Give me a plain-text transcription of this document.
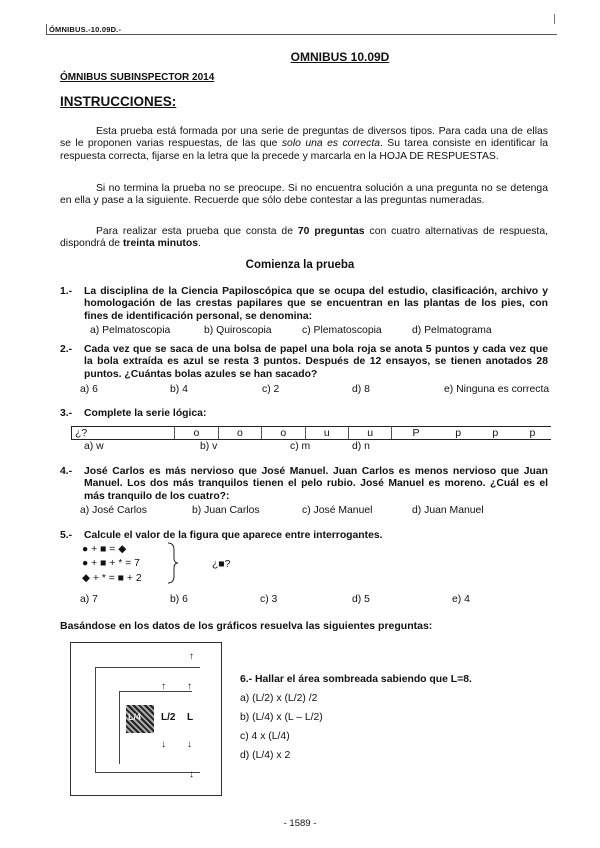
ÓMNIBUS.-10.09D.-
OMNIBUS 10.09D
ÓMNIBUS SUBINSPECTOR 2014
INSTRUCCIONES:
Esta prueba está formada por una serie de preguntas de diversos tipos. Para cada una de ellas se le proponen varias respuestas, de las que solo una es correcta. Su tarea consiste en identificar la respuesta correcta, fijarse en la letra que la precede y marcarla en la HOJA DE RESPUESTAS.
Si no termina la prueba no se preocupe. Si no encuentra solución a una pregunta no se detenga en ella y pase a la siguiente. Recuerde que sólo debe contestar a las preguntas numeradas.
Para realizar esta prueba que consta de 70 preguntas con cuatro alternativas de respuesta, dispondrá de treinta minutos.
Comienza la prueba
1.- La disciplina de la Ciencia Papiloscópica que se ocupa del estudio, clasificación, archivo y homologación de las crestas papilares que se encuentran en las plantas de los pies, con fines de identificación personal, se denomina:
a) Pelmatoscopia	b) Quiroscopia	c) Plematoscopia	d) Pelmatograma
2.- Cada vez que se saca de una bolsa de papel una bola roja se anota 5 puntos y cada vez que la bola extraída es azul se resta 3 puntos. Después de 12 ensayos, se tienen anotados 28 puntos. ¿Cuántas bolas azules se han sacado?
a) 6	b) 4	c) 2	d) 8	e) Ninguna es correcta
3.- Complete la serie lógica:
¿?	o	o	o	u	u	P	p	p	p
a) w	b) v	c) m	d) n
4.- José Carlos es más nervioso que José Manuel. Juan Carlos es menos nervioso que Juan Manuel. Los dos más tranquilos tienen el pelo rubio. José Manuel es moreno. ¿Cuál es el más tranquilo de los cuatro?:
a) José Carlos	b) Juan Carlos	c) José Manuel	d) Juan Manuel
5.- Calcule el valor de la figura que aparece entre interrogantes.
● + ■ = ◆
● + ■ + * = 7
◆ + * = ■ + 2
¿■?
a) 7	b) 6	c) 3	d) 5	e) 4
Basándose en los datos de los gráficos resuelva las siguientes preguntas:
L/4 L/2 L
↑
↑ ↑
↓ ↓
↓
6.- Hallar el área sombreada sabiendo que L=8.
a) (L/2) x (L/2) /2
b) (L/4) x (L – L/2)
c) 4 x (L/4)
d) (L/4) x 2
- 1589 -
